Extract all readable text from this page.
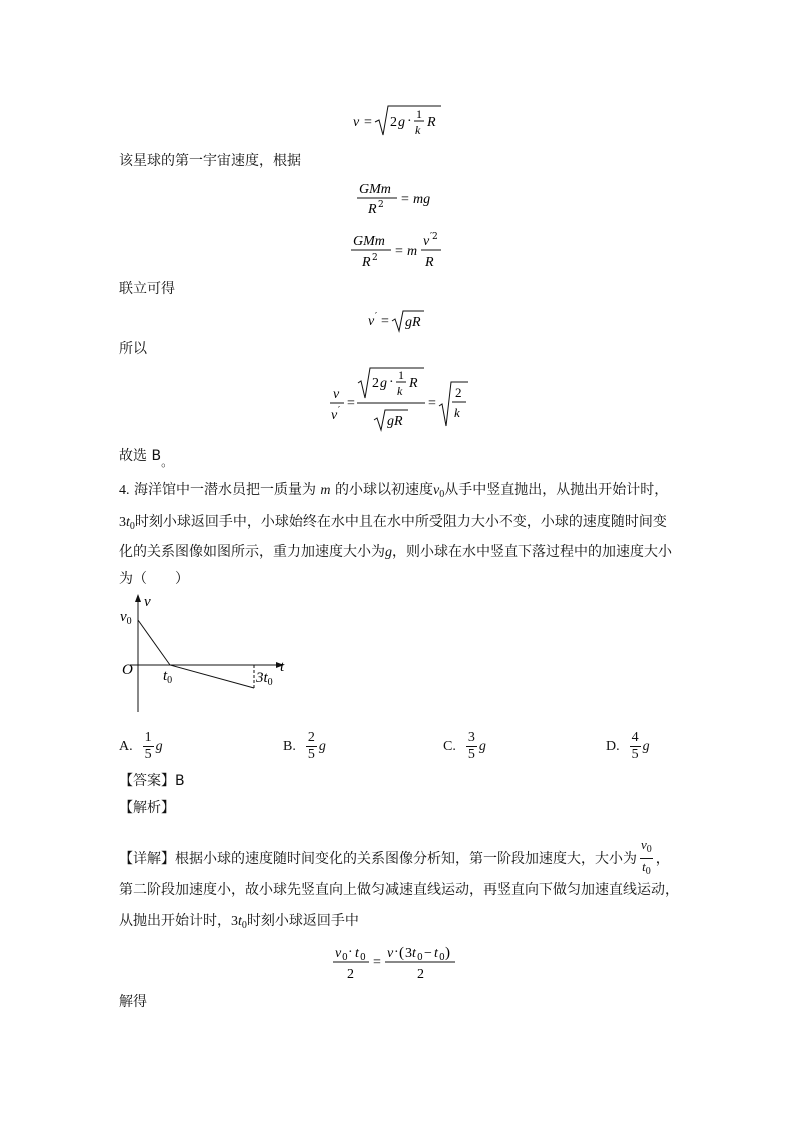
v = 2 g · 1
k R
该星球的第一宇宙速度，根据
GMm
R 2 = mg
GMm
R 2 = m
v ′2
R
联立可得
v ′ = gR
所以
v
v ′ =
2 g · 1
k R
gR
=
2
k
故选 B。
4. 海洋馆中一潜水员把一质量为 m 的小球以初速度$v_0$从手中竖直抛出，从抛出开始计时，
$3t_0$时刻小球返回手中，小球始终在水中且在水中所受阻力大小不变，小球的速度随时间变
化的关系图像如图所示，重力加速度大小为g，则小球在水中竖直下落过程中的加速度大小
为（　　）
$v_0$
v
O $t_0$	$3t_0$
t
A. $\frac{1}{5}$ g	B. $\frac{2}{5}$ g	C. $\frac{3}{5}$ g	D. $\frac{4}{5}$ g
【答案】B
【解析】
【详解】根据小球的速度随时间变化的关系图像分析知，第一阶段加速度大，大小为 $\frac{v_0}{t_0}$ ，
第二阶段加速度小，故小球先竖直向上做匀减速直线运动，再竖直向下做匀加速直线运动，
从抛出开始计时，$3t_0$时刻小球返回手中
v 0 · t 0
2
=
v · ( 3 t 0 − t 0 )
2
解得
